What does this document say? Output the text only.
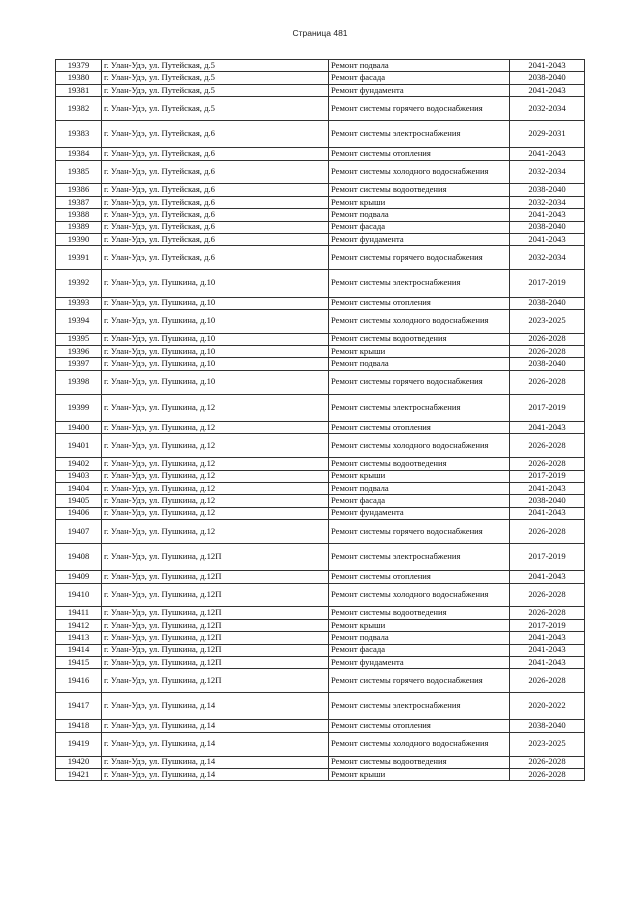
Страница 481
19379	г. Улан-Удэ, ул. Путейская, д.5	Ремонт подвала	2041-2043
19380	г. Улан-Удэ, ул. Путейская, д.5	Ремонт фасада	2038-2040
19381	г. Улан-Удэ, ул. Путейская, д.5	Ремонт фундамента	2041-2043
19382	г. Улан-Удэ, ул. Путейская, д.5	Ремонт системы горячего водоснабжения	2032-2034
19383	г. Улан-Удэ, ул. Путейская, д.6	Ремонт системы электроснабжения	2029-2031
19384	г. Улан-Удэ, ул. Путейская, д.6	Ремонт системы отопления	2041-2043
19385	г. Улан-Удэ, ул. Путейская, д.6	Ремонт системы холодного водоснабжения	2032-2034
19386	г. Улан-Удэ, ул. Путейская, д.6	Ремонт системы водоотведения	2038-2040
19387	г. Улан-Удэ, ул. Путейская, д.6	Ремонт крыши	2032-2034
19388	г. Улан-Удэ, ул. Путейская, д.6	Ремонт подвала	2041-2043
19389	г. Улан-Удэ, ул. Путейская, д.6	Ремонт фасада	2038-2040
19390	г. Улан-Удэ, ул. Путейская, д.6	Ремонт фундамента	2041-2043
19391	г. Улан-Удэ, ул. Путейская, д.6	Ремонт системы горячего водоснабжения	2032-2034
19392	г. Улан-Удэ, ул. Пушкина, д.10	Ремонт системы электроснабжения	2017-2019
19393	г. Улан-Удэ, ул. Пушкина, д.10	Ремонт системы отопления	2038-2040
19394	г. Улан-Удэ, ул. Пушкина, д.10	Ремонт системы холодного водоснабжения	2023-2025
19395	г. Улан-Удэ, ул. Пушкина, д.10	Ремонт системы водоотведения	2026-2028
19396	г. Улан-Удэ, ул. Пушкина, д.10	Ремонт крыши	2026-2028
19397	г. Улан-Удэ, ул. Пушкина, д.10	Ремонт подвала	2038-2040
19398	г. Улан-Удэ, ул. Пушкина, д.10	Ремонт системы горячего водоснабжения	2026-2028
19399	г. Улан-Удэ, ул. Пушкина, д.12	Ремонт системы электроснабжения	2017-2019
19400	г. Улан-Удэ, ул. Пушкина, д.12	Ремонт системы отопления	2041-2043
19401	г. Улан-Удэ, ул. Пушкина, д.12	Ремонт системы холодного водоснабжения	2026-2028
19402	г. Улан-Удэ, ул. Пушкина, д.12	Ремонт системы водоотведения	2026-2028
19403	г. Улан-Удэ, ул. Пушкина, д.12	Ремонт крыши	2017-2019
19404	г. Улан-Удэ, ул. Пушкина, д.12	Ремонт подвала	2041-2043
19405	г. Улан-Удэ, ул. Пушкина, д.12	Ремонт фасада	2038-2040
19406	г. Улан-Удэ, ул. Пушкина, д.12	Ремонт фундамента	2041-2043
19407	г. Улан-Удэ, ул. Пушкина, д.12	Ремонт системы горячего водоснабжения	2026-2028
19408	г. Улан-Удэ, ул. Пушкина, д.12П	Ремонт системы электроснабжения	2017-2019
19409	г. Улан-Удэ, ул. Пушкина, д.12П	Ремонт системы отопления	2041-2043
19410	г. Улан-Удэ, ул. Пушкина, д.12П	Ремонт системы холодного водоснабжения	2026-2028
19411	г. Улан-Удэ, ул. Пушкина, д.12П	Ремонт системы водоотведения	2026-2028
19412	г. Улан-Удэ, ул. Пушкина, д.12П	Ремонт крыши	2017-2019
19413	г. Улан-Удэ, ул. Пушкина, д.12П	Ремонт подвала	2041-2043
19414	г. Улан-Удэ, ул. Пушкина, д.12П	Ремонт фасада	2041-2043
19415	г. Улан-Удэ, ул. Пушкина, д.12П	Ремонт фундамента	2041-2043
19416	г. Улан-Удэ, ул. Пушкина, д.12П	Ремонт системы горячего водоснабжения	2026-2028
19417	г. Улан-Удэ, ул. Пушкина, д.14	Ремонт системы электроснабжения	2020-2022
19418	г. Улан-Удэ, ул. Пушкина, д.14	Ремонт системы отопления	2038-2040
19419	г. Улан-Удэ, ул. Пушкина, д.14	Ремонт системы холодного водоснабжения	2023-2025
19420	г. Улан-Удэ, ул. Пушкина, д.14	Ремонт системы водоотведения	2026-2028
19421	г. Улан-Удэ, ул. Пушкина, д.14	Ремонт крыши	2026-2028
